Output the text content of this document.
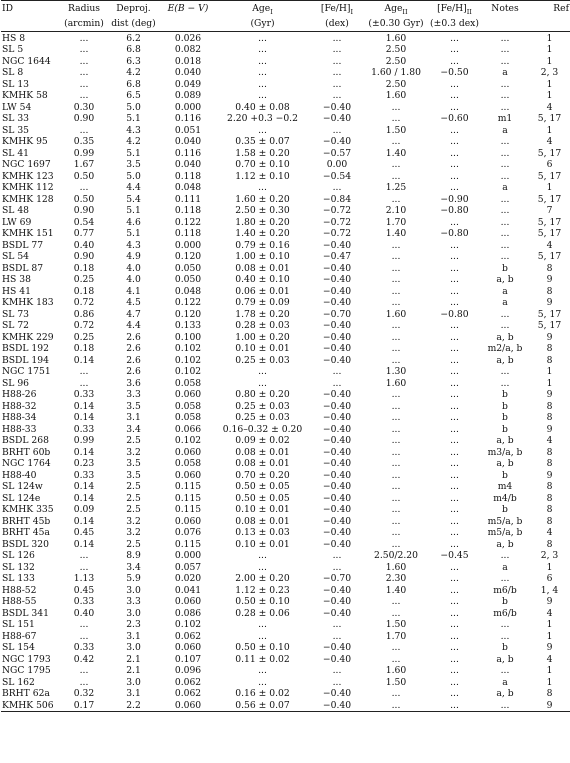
ID	Radius	Deproj.	E(B − V)	Age$_I$	$[Fe/H]_I$	Age$_{II}$	$[Fe/H]_{II}$	Notes	Ref
	(arcmin)	dist (deg)		(Gyr)	(dex)	(±0.30 Gyr)	(±0.3 dex)		
HS 8	...	6.2	0.026	...	...	1.60	...	...	1
SL 5	...	6.8	0.082	...	...	2.50	...	...	1
NGC 1644	...	6.3	0.018	...	...	2.50	...	...	1
SL 8	...	4.2	0.040	...	...	1.60 / 1.80	−0.50	a	2, 3
SL 13	...	6.8	0.049	...	...	2.50	...	...	1
KMHK 58	...	6.5	0.089	...	...	1.60	...	...	1
LW 54	0.30	5.0	0.000	0.40 ± 0.08	−0.40	...	...	...	4
SL 33	0.90	5.1	0.116	2.20 +0.3 −0.2	−0.40	...	−0.60	m1	5, 17
SL 35	...	4.3	0.051	...	...	1.50	...	a	1
KMHK 95	0.35	4.2	0.040	0.35 ± 0.07	−0.40	...	...	...	4
SL 41	0.99	5.1	0.116	1.58 ± 0.20	−0.57	1.40	...	...	5, 17
NGC 1697	1.67	3.5	0.040	0.70 ± 0.10	0.00	...	...	...	6
KMHK 123	0.50	5.0	0.118	1.12 ± 0.10	−0.54	...	...	...	5, 17
KMHK 112	...	4.4	0.048	...	...	1.25	...	a	1
KMHK 128	0.50	5.4	0.111	1.60 ± 0.20	−0.84	...	−0.90	...	5, 17
SL 48	0.90	5.1	0.118	2.50 ± 0.30	−0.72	2.10	−0.80	...	7
LW 69	0.54	4.6	0.122	1.80 ± 0.20	−0.72	1.70	...	...	5, 17
KMHK 151	0.77	5.1	0.118	1.40 ± 0.20	−0.72	1.40	−0.80	...	5, 17
BSDL 77	0.40	4.3	0.000	0.79 ± 0.16	−0.40	...	...	...	4
SL 54	0.90	4.9	0.120	1.00 ± 0.10	−0.47	...	...	...	5, 17
BSDL 87	0.18	4.0	0.050	0.08 ± 0.01	−0.40	...	...	b	8
HS 38	0.25	4.0	0.050	0.40 ± 0.10	−0.40	...	...	a, b	9
HS 41	0.18	4.1	0.048	0.06 ± 0.01	−0.40	...	...	a	8
KMHK 183	0.72	4.5	0.122	0.79 ± 0.09	−0.40	...	...	a	9
SL 73	0.86	4.7	0.120	1.78 ± 0.20	−0.70	1.60	−0.80	...	5, 17
SL 72	0.72	4.4	0.133	0.28 ± 0.03	−0.40	...	...	...	5, 17
KMHK 229	0.25	2.6	0.100	1.00 ± 0.20	−0.40	...	...	a, b	9
BSDL 192	0.18	2.6	0.102	0.10 ± 0.01	−0.40	...	...	m2/a, b	8
BSDL 194	0.14	2.6	0.102	0.25 ± 0.03	−0.40	...	...	a, b	8
NGC 1751	...	2.6	0.102	...	...	1.30	...	...	1
SL 96	...	3.6	0.058	...	...	1.60	...	...	1
H88-26	0.33	3.3	0.060	0.80 ± 0.20	−0.40	...	...	b	9
H88-32	0.14	3.5	0.058	0.25 ± 0.03	−0.40	...	...	b	8
H88-34	0.14	3.1	0.058	0.25 ± 0.03	−0.40	...	...	b	8
H88-33	0.33	3.4	0.066	0.16–0.32 ± 0.20	−0.40	...	...	b	9
BSDL 268	0.99	2.5	0.102	0.09 ± 0.02	−0.40	...	...	a, b	4
BRHT 60b	0.14	3.2	0.060	0.08 ± 0.01	−0.40	...	...	m3/a, b	8
NGC 1764	0.23	3.5	0.058	0.08 ± 0.01	−0.40	...	...	a, b	8
H88-40	0.33	3.5	0.060	0.70 ± 0.20	−0.40	...	...	b	9
SL 124w	0.14	2.5	0.115	0.50 ± 0.05	−0.40	...	...	m4	8
SL 124e	0.14	2.5	0.115	0.50 ± 0.05	−0.40	...	...	m4/b	8
KMHK 335	0.09	2.5	0.115	0.10 ± 0.01	−0.40	...	...	b	8
BRHT 45b	0.14	3.2	0.060	0.08 ± 0.01	−0.40	...	...	m5/a, b	8
BRHT 45a	0.45	3.2	0.076	0.13 ± 0.03	−0.40	...	...	m5/a, b	4
BSDL 320	0.14	2.5	0.115	0.10 ± 0.01	−0.40	...	...	a, b	8
SL 126	...	8.9	0.000	...	...	2.50/2.20	−0.45	...	2, 3
SL 132	...	3.4	0.057	...	...	1.60	...	a	1
SL 133	1.13	5.9	0.020	2.00 ± 0.20	−0.70	2.30	...	...	6
H88-52	0.45	3.0	0.041	1.12 ± 0.23	−0.40	1.40	...	m6/b	1, 4
H88-55	0.33	3.3	0.060	0.50 ± 0.10	−0.40	...	...	b	9
BSDL 341	0.40	3.0	0.086	0.28 ± 0.06	−0.40	...	...	m6/b	4
SL 151	...	2.3	0.102	...	...	1.50	...	...	1
H88-67	...	3.1	0.062	...	...	1.70	...	...	1
SL 154	0.33	3.0	0.060	0.50 ± 0.10	−0.40	...	...	b	9
NGC 1793	0.42	2.1	0.107	0.11 ± 0.02	−0.40	...	...	a, b	4
NGC 1795	...	2.1	0.096	...	...	1.60	...	...	1
SL 162	...	3.0	0.062	...	...	1.50	...	a	1
BRHT 62a	0.32	3.1	0.062	0.16 ± 0.02	−0.40	...	...	a, b	8
KMHK 506	0.17	2.2	0.060	0.56 ± 0.07	−0.40	...	...	...	9
